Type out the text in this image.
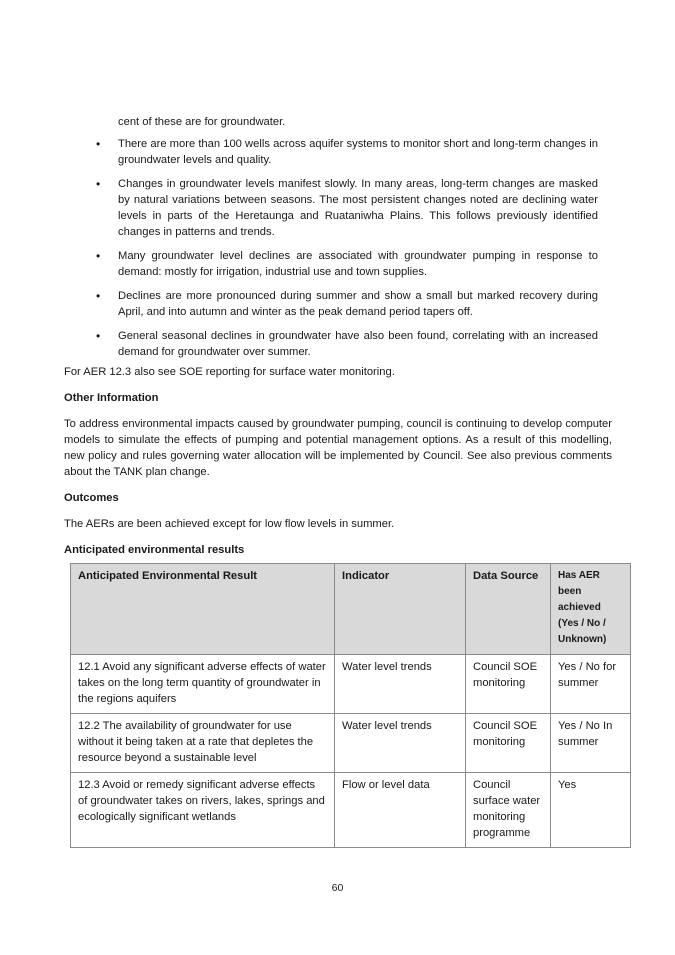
cent of these are for groundwater.
• There are more than 100 wells across aquifer systems to monitor short and long-term changes in groundwater levels and quality.
• Changes in groundwater levels manifest slowly. In many areas, long-term changes are masked by natural variations between seasons. The most persistent changes noted are declining water levels in parts of the Heretaunga and Ruataniwha Plains. This follows previously identified changes in patterns and trends.
• Many groundwater level declines are associated with groundwater pumping in response to demand: mostly for irrigation, industrial use and town supplies.
• Declines are more pronounced during summer and show a small but marked recovery during April, and into autumn and winter as the peak demand period tapers off.
• General seasonal declines in groundwater have also been found, correlating with an increased demand for groundwater over summer.
For AER 12.3 also see SOE reporting for surface water monitoring.
Other Information
To address environmental impacts caused by groundwater pumping, council is continuing to develop computer models to simulate the effects of pumping and potential management options. As a result of this modelling, new policy and rules governing water allocation will be implemented by Council. See also previous comments about the TANK plan change.
Outcomes
The AERs are been achieved except for low flow levels in summer.
Anticipated environmental results
Anticipated Environmental Result	Indicator	Data Source	Has AER been achieved (Yes / No / Unknown)
12.1 Avoid any significant adverse effects of water takes on the long term quantity of groundwater in the regions aquifers	Water level trends	Council SOE monitoring	Yes / No for summer
12.2 The availability of groundwater for use without it being taken at a rate that depletes the resource beyond a sustainable level	Water level trends	Council SOE monitoring	Yes / No In summer
12.3 Avoid or remedy significant adverse effects of groundwater takes on rivers, lakes, springs and ecologically significant wetlands	Flow or level data	Council surface water monitoring programme	Yes
60
